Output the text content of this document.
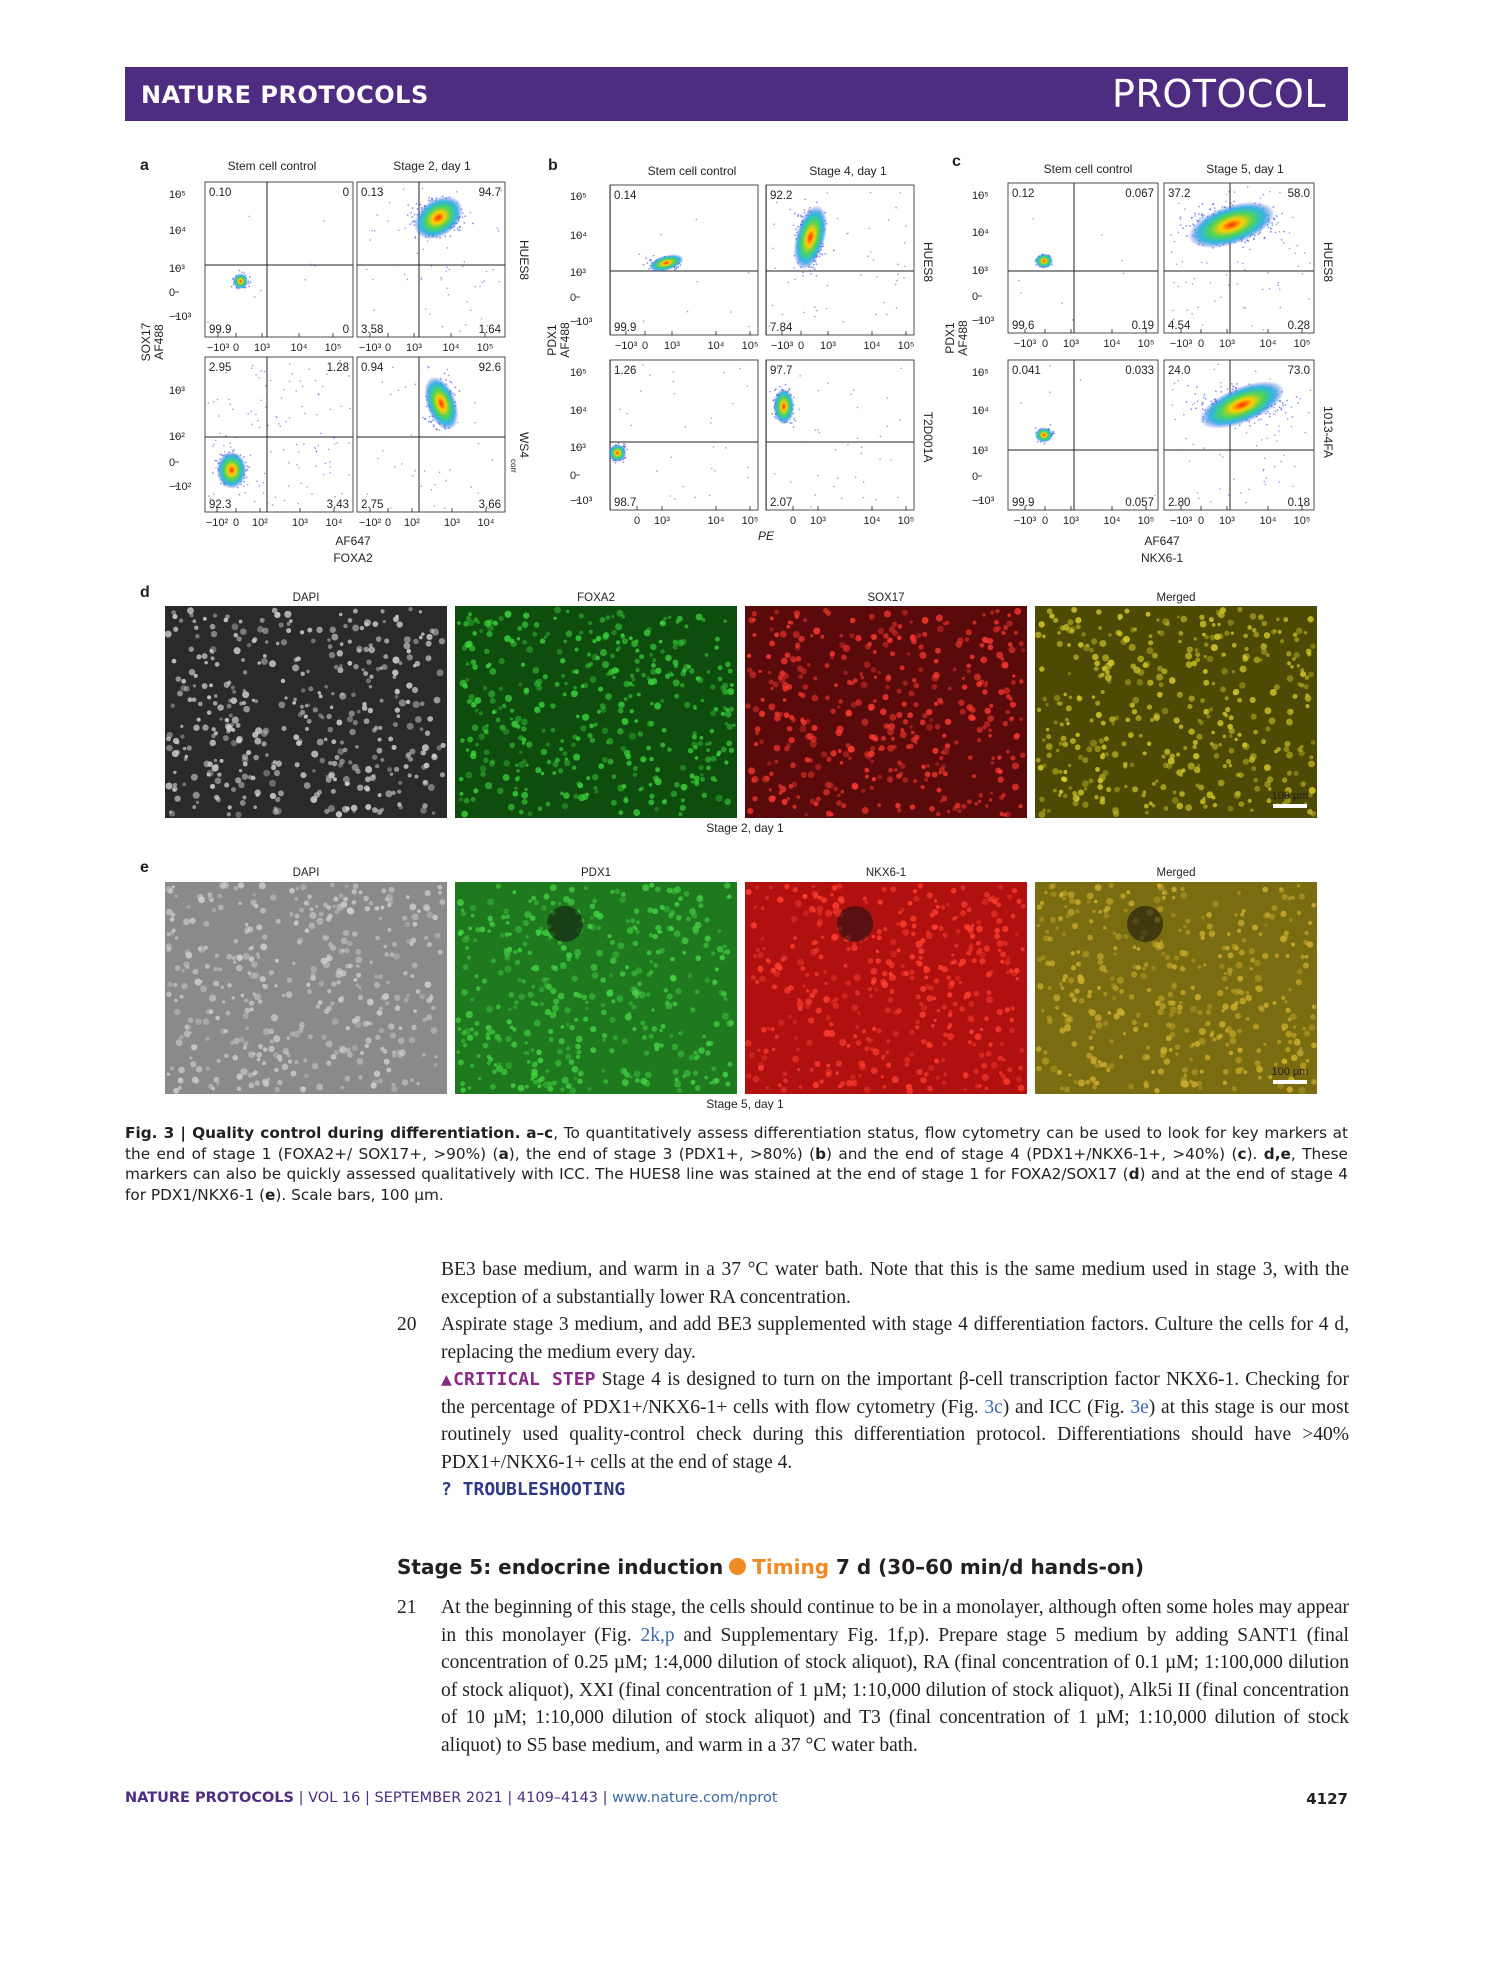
NATURE PROTOCOLS	PROTOCOL
a	Stem cell control	Stage 2, day 1
0.10	0
99.9	0
0.13	94.7
3.58	1.64
2.95	1.28
92.3	3.43
0.94	92.6
2.75	3.66
10⁵
10⁴
10³
0
−10³
10³
10²
0
−10²
−10³ 0 10³ 10⁴ 10⁵ −10³ 0 10³ 10⁴ 10⁵
−10² 0 10² 10³ 10⁴ −10² 0 10² 10³ 10⁴
HUES8
WS4
corr
SOX17 AF488
AF647
FOXA2
b	Stem cell control	Stage 4, day 1
0.14
99.9
92.2
7.84
1.26
98.7
97.7
2.07
10⁵
10⁴
10³
0
−10³
10⁵
10⁴
10³
0
−10³
−10³ 0 10³	10⁴ 10⁵ −10³ 0 10³	10⁴ 10⁵
0 10³	10⁴ 10⁵	0 10³	10⁴ 10⁵
HUES8
T2D001A
PDX1 AF488
PE
c	Stem cell control	Stage 5, day 1
0.12	0.067
99.6	0.19
37.2	58.0
4.54	0.28
0.041	0.033
99.9	0.057
24.0	73.0
2.80	0.18
10⁵
10⁴
10³
0
−10³
10⁵
10⁴
10³
0
−10³
−10³ 0 10³ 10⁴ 10⁵ −10³ 0 10³ 10⁴ 10⁵
−10³ 0 10³ 10⁴ 10⁵ −10³ 0 10³ 10⁴ 10⁵
HUES8
1013-4FA
PDX1 AF488
AF647
NKX6-1
d	DAPI	FOXA2	SOX17	Merged
100 µm
Stage 2, day 1
e	DAPI	PDX1	NKX6-1	Merged
100 µm
Stage 5, day 1
Fig. 3 | Quality control during differentiation. a–c, To quantitatively assess differentiation status, flow cytometry can be used to look for key markers at the end of stage 1 (FOXA2+/ SOX17+, >90%) (a), the end of stage 3 (PDX1+, >80%) (b) and the end of stage 4 (PDX1+/NKX6-1+, >40%) (c). d,e, These markers can also be quickly assessed qualitatively with ICC. The HUES8 line was stained at the end of stage 1 for FOXA2/SOX17 (d) and at the end of stage 4 for PDX1/NKX6-1 (e). Scale bars, 100 µm.
BE3 base medium, and warm in a 37 °C water bath. Note that this is the same medium used in stage 3, with the exception of a substantially lower RA concentration.
20 Aspirate stage 3 medium, and add BE3 supplemented with stage 4 differentiation factors. Culture the cells for 4 d, replacing the medium every day.
▲CRITICAL STEP Stage 4 is designed to turn on the important β-cell transcription factor NKX6-1. Checking for the percentage of PDX1+/NKX6-1+ cells with flow cytometry (Fig. 3c) and ICC (Fig. 3e) at this stage is our most routinely used quality-control check during this differentiation protocol. Differentiations should have >40% PDX1+/NKX6-1+ cells at the end of stage 4.
? TROUBLESHOOTING
Stage 5: endocrine induction Timing 7 d (30–60 min/d hands-on)
21 At the beginning of this stage, the cells should continue to be in a monolayer, although often some holes may appear in this monolayer (Fig. 2k,p and Supplementary Fig. 1f,p). Prepare stage 5 medium by adding SANT1 (final concentration of 0.25 µM; 1:4,000 dilution of stock aliquot), RA (final concentration of 0.1 µM; 1:100,000 dilution of stock aliquot), XXI (final concentration of 1 µM; 1:10,000 dilution of stock aliquot), Alk5i II (final concentration of 10 µM; 1:10,000 dilution of stock aliquot) and T3 (final concentration of 1 µM; 1:10,000 dilution of stock aliquot) to S5 base medium, and warm in a 37 °C water bath.
NATURE PROTOCOLS | VOL 16 | SEPTEMBER 2021 | 4109–4143 | www.nature.com/nprot	4127
